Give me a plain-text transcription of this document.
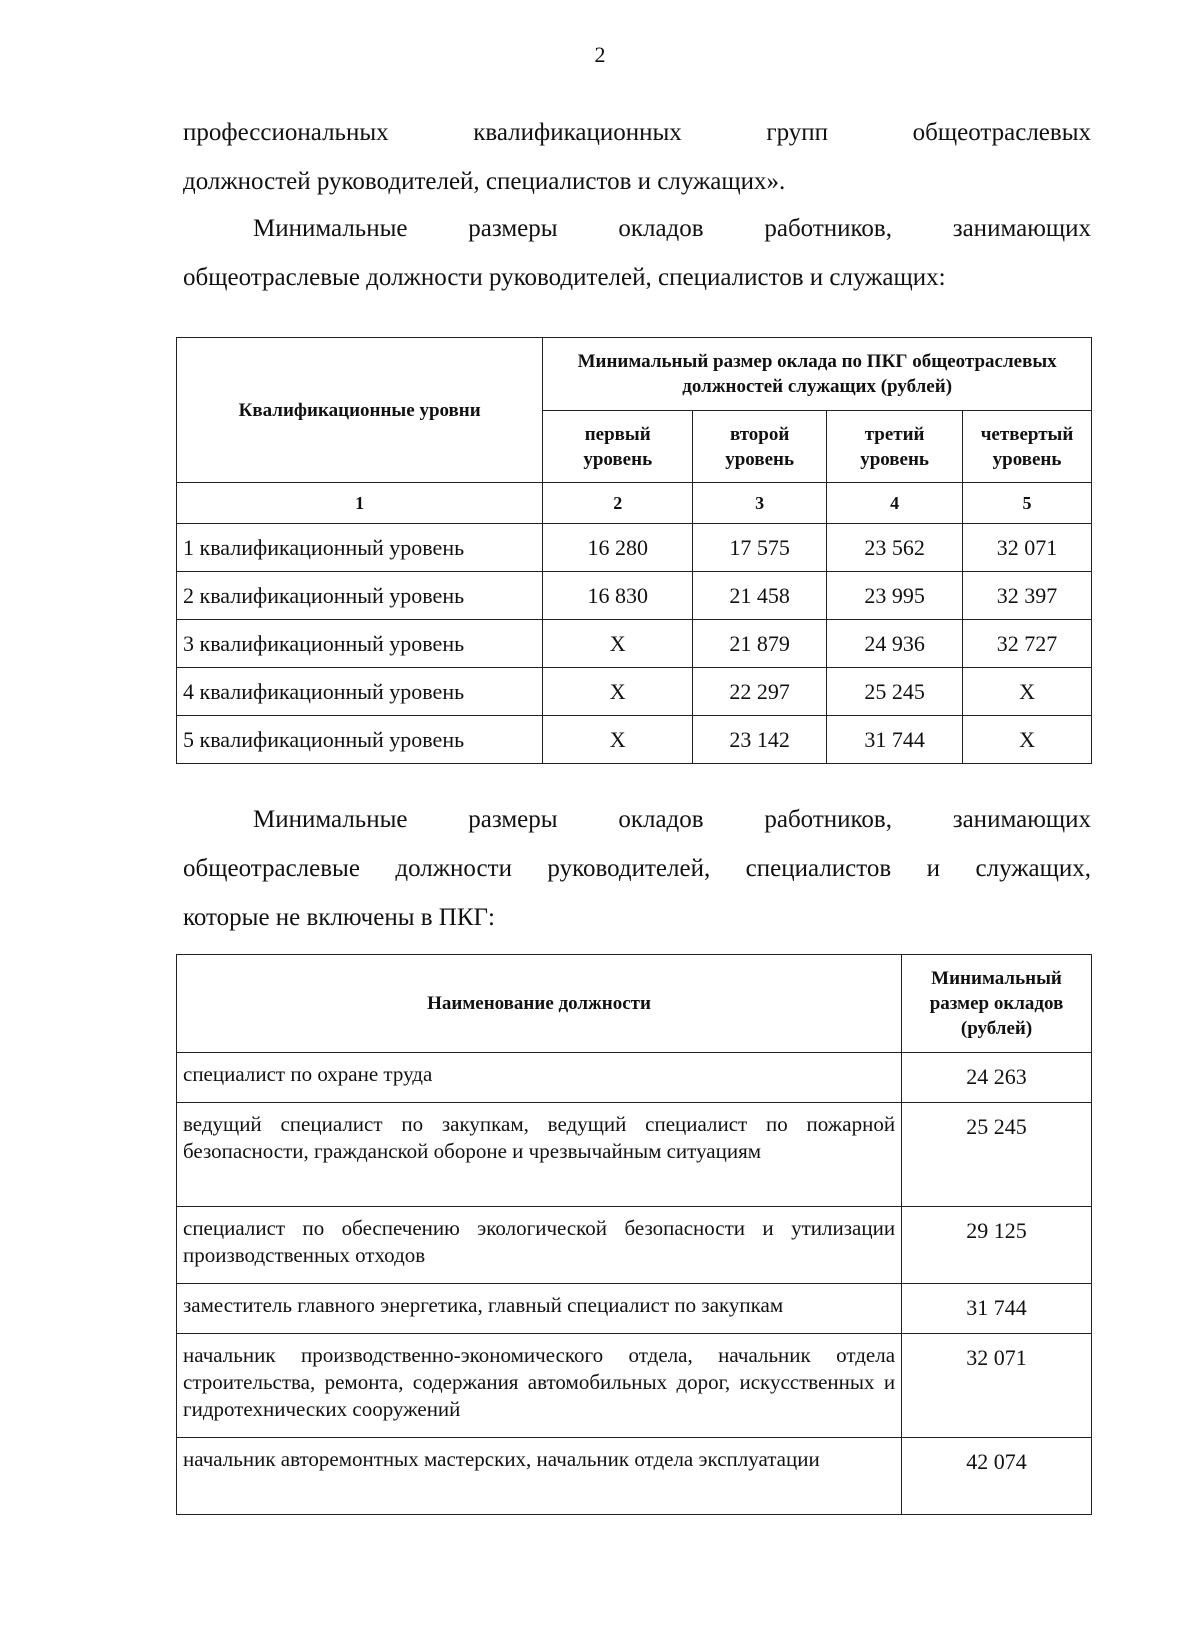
2
профессиональных квалификационных групп общеотраслевых
должностей руководителей, специалистов и служащих».
Минимальные размеры окладов работников, занимающих
общеотраслевые должности руководителей, специалистов и служащих:
Квалификационные уровни	Минимальный размер оклада по ПКГ общеотраслевых должностей служащих (рублей)			
	первый уровень	второй уровень	третий уровень	четвертый уровень
1	2	3	4	5
1 квалификационный уровень	16 280	17 575	23 562	32 071
2 квалификационный уровень	16 830	21 458	23 995	32 397
3 квалификационный уровень	X	21 879	24 936	32 727
4 квалификационный уровень	X	22 297	25 245	X
5 квалификационный уровень	X	23 142	31 744	X
Минимальные размеры окладов работников, занимающих
общеотраслевые должности руководителей, специалистов и служащих,
которые не включены в ПКГ:
Наименование должности	Минимальный размер окладов (рублей)
специалист по охране труда	24 263
ведущий специалист по закупкам, ведущий специалист по пожарной безопасности, гражданской обороне и чрезвычайным ситуациям	25 245
специалист по обеспечению экологической безопасности и утилизации производственных отходов	29 125
заместитель главного энергетика, главный специалист по закупкам	31 744
начальник производственно-экономического отдела, начальник отдела строительства, ремонта, содержания автомобильных дорог, искусственных и гидротехнических сооружений	32 071
начальник авторемонтных мастерских, начальник отдела эксплуатации	42 074
